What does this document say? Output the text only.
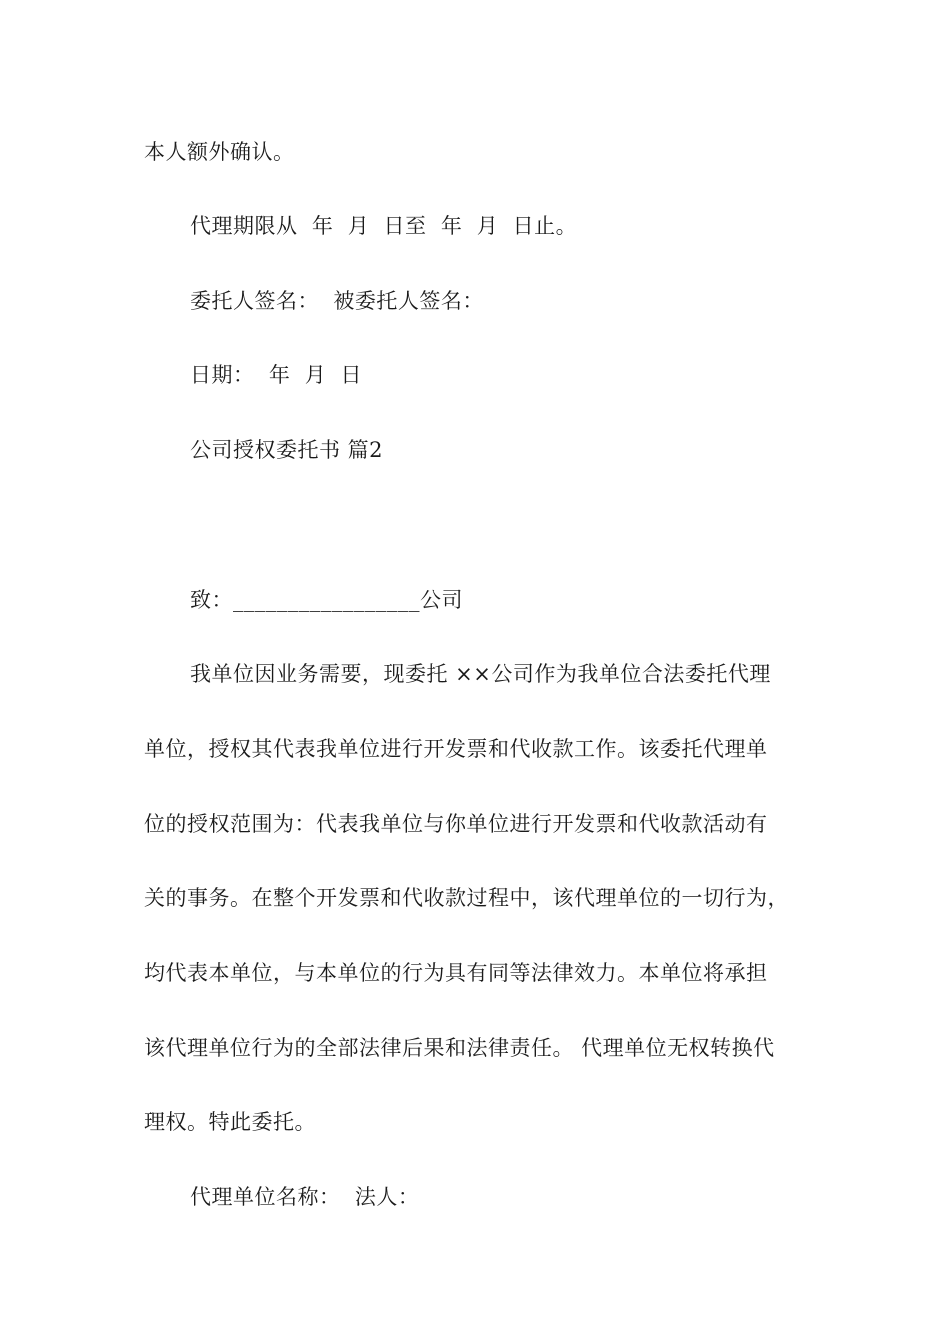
本人额外确认。
代理期限从  年  月  日至  年  月  日止。
委托人签名：  被委托人签名：
日期：  年  月  日
公司授权委托书 篇2
致：_________________公司
我单位因业务需要，现委托 ××公司作为我单位合法委托代理
单位，授权其代表我单位进行开发票和代收款工作。该委托代理单
位的授权范围为：代表我单位与你单位进行开发票和代收款活动有
关的事务。在整个开发票和代收款过程中，该代理单位的一切行为，
均代表本单位，与本单位的行为具有同等法律效力。本单位将承担
该代理单位行为的全部法律后果和法律责任。 代理单位无权转换代
理权。特此委托。
代理单位名称：  法人：
